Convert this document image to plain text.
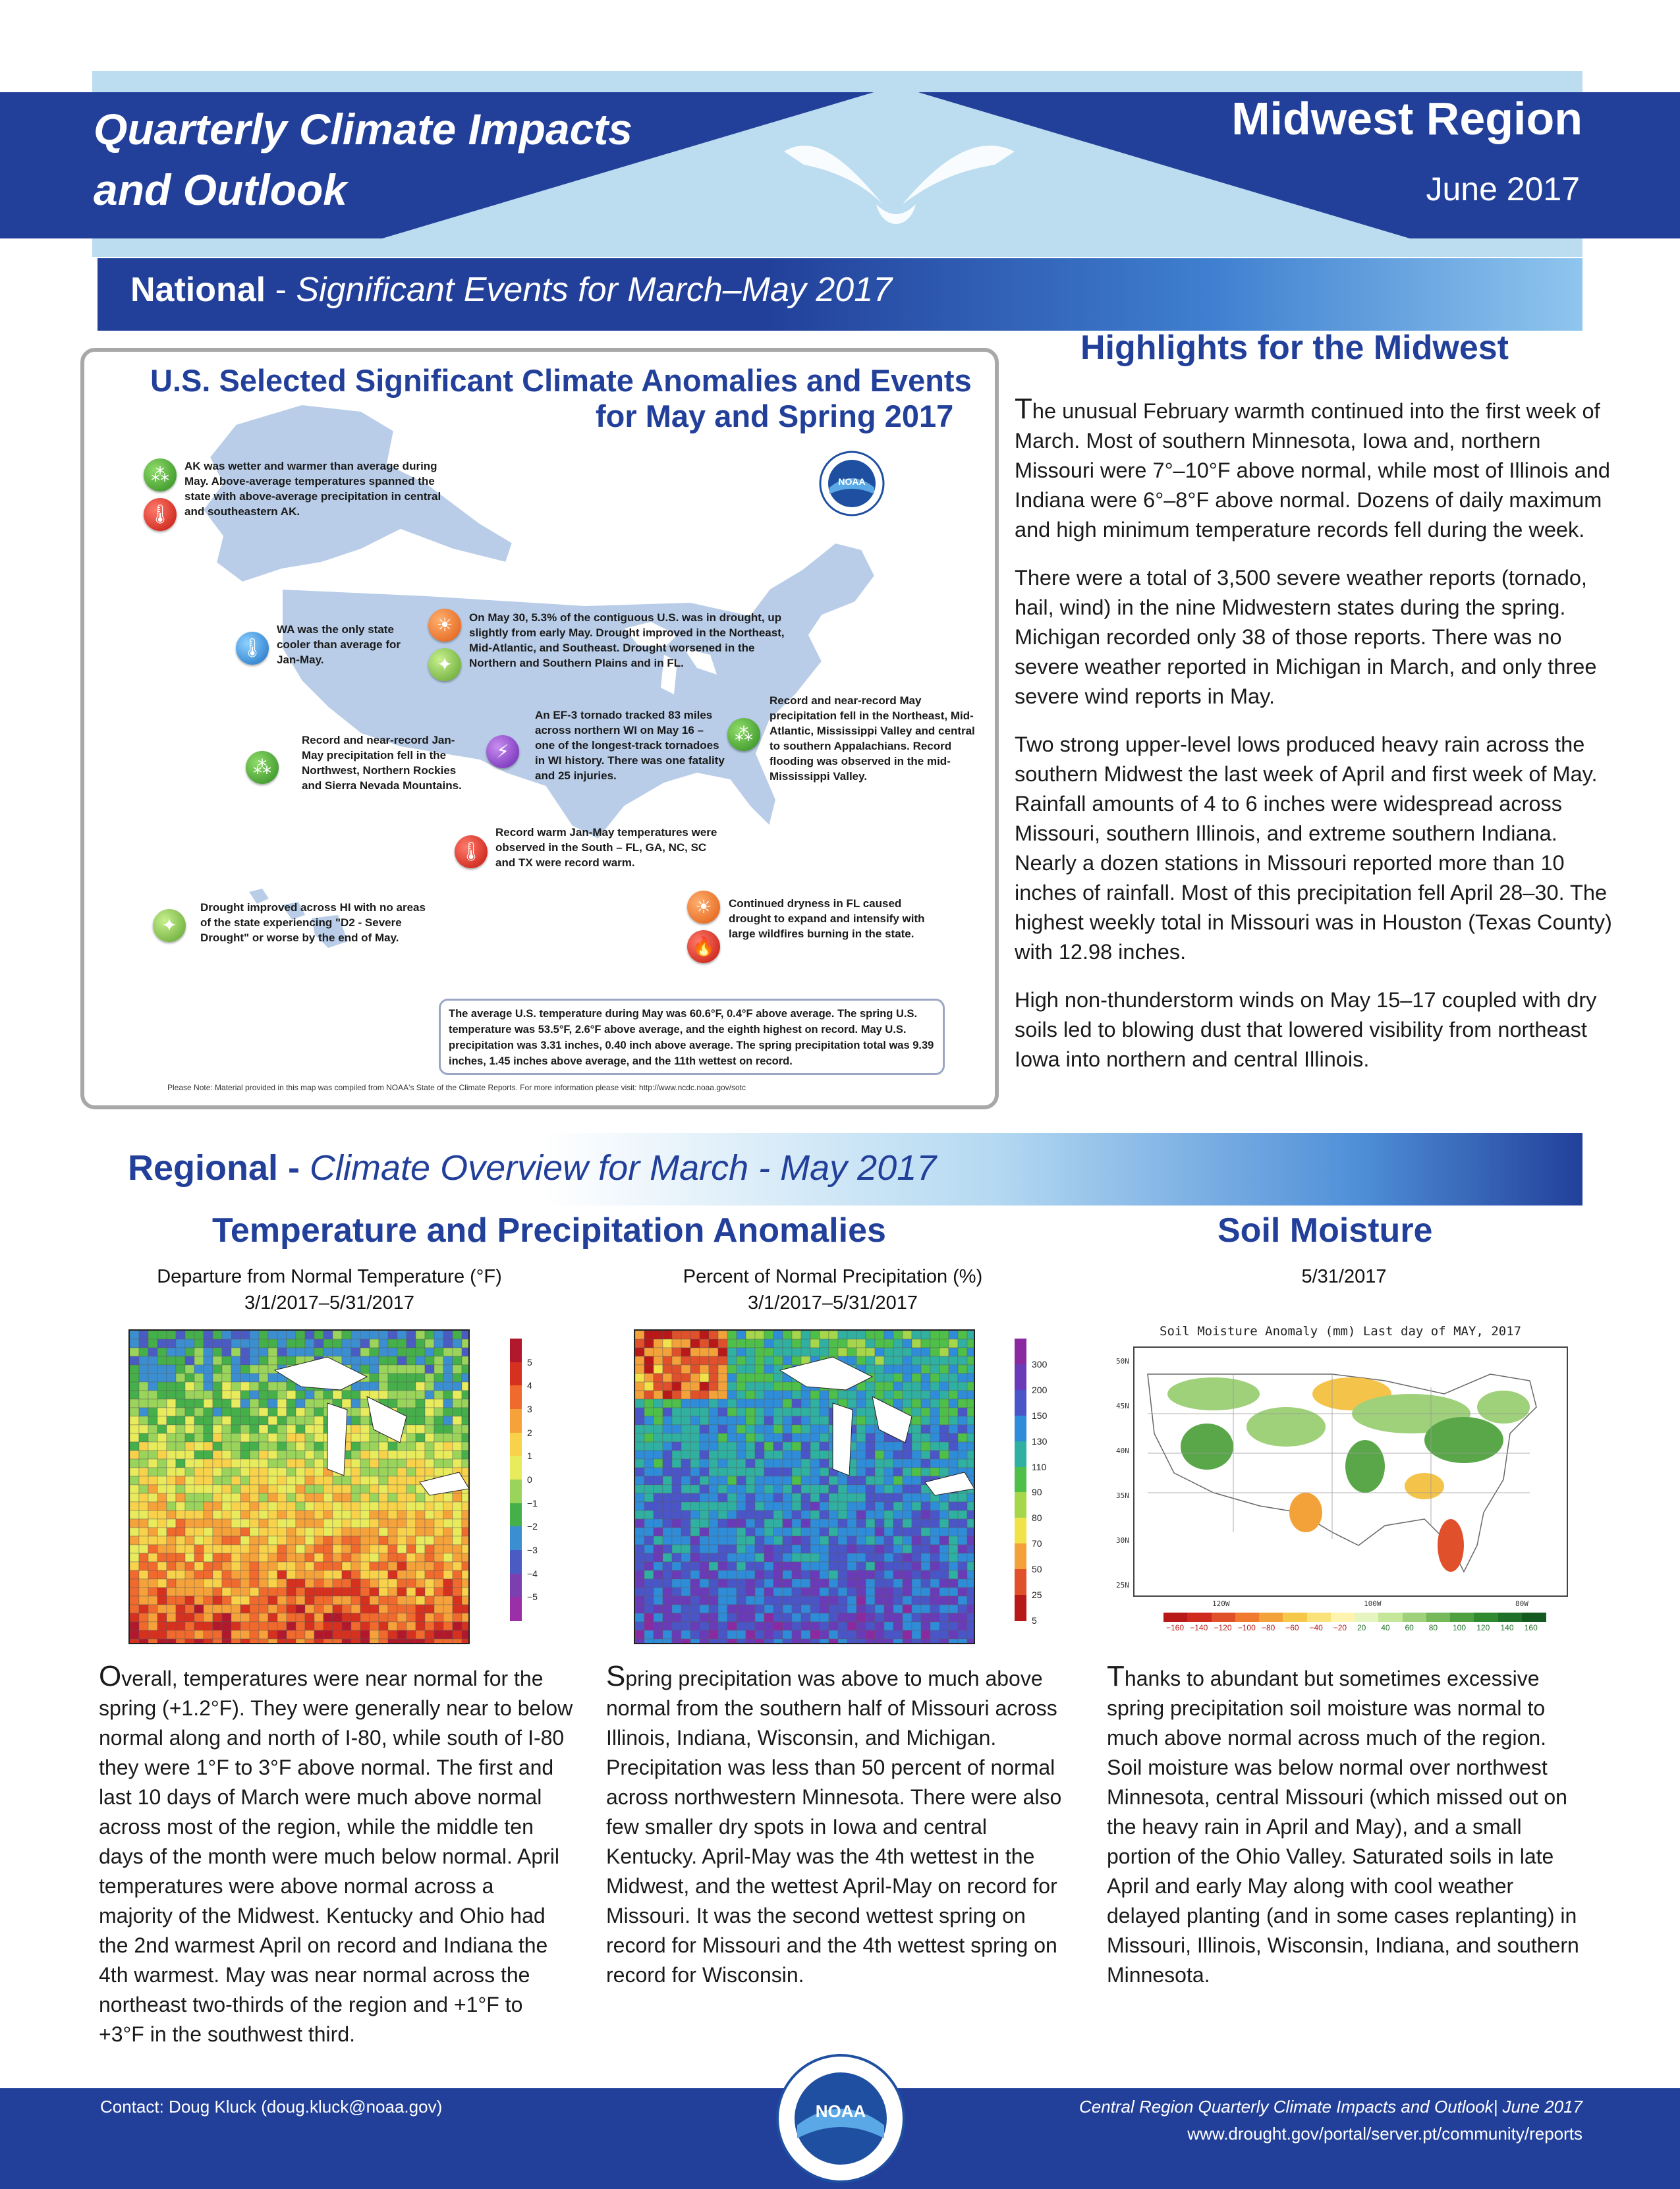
Quarterly Climate Impacts
and Outlook
Midwest Region
June 2017
National - Significant Events for March–May 2017
U.S. Selected Significant Climate Anomalies and Events
for May and Spring 2017
NOAA
⁂
🌡
AK was wetter and warmer than average during May. Above-average temperatures spanned the state with above-average precipitation in central and southeastern AK.
🌡
WA was the only state cooler than average for Jan-May.
☀
✦
On May 30, 5.3% of the contiguous U.S. was in drought, up slightly from early May. Drought improved in the Northeast, Mid-Atlantic, and Southeast. Drought worsened in the Northern and Southern Plains and in FL.
⁂
Record and near-record Jan-May precipitation fell in the Northwest, Northern Rockies and Sierra Nevada Mountains.
⚡
An EF-3 tornado tracked 83 miles across northern WI on May 16 – one of the longest-track tornadoes in WI history. There was one fatality and 25 injuries.
⁂
Record and near-record May precipitation fell in the Northeast, Mid-Atlantic, Mississippi Valley and central to southern Appalachians. Record flooding was observed in the mid-Mississippi Valley.
🌡
Record warm Jan-May temperatures were observed in the South – FL, GA, NC, SC and TX were record warm.
✦
Drought improved across HI with no areas of the state experiencing "D2 - Severe Drought" or worse by the end of May.
☀
🔥
Continued dryness in FL caused drought to expand and intensify with large wildfires burning in the state.
The average U.S. temperature during May was 60.6°F, 0.4°F above average. The spring U.S. temperature was 53.5°F, 2.6°F above average, and the eighth highest on record. May U.S. precipitation was 3.31 inches, 0.40 inch above average. The spring precipitation total was 9.39 inches, 1.45 inches above average, and the 11th wettest on record.
Please Note: Material provided in this map was compiled from NOAA's State of the Climate Reports. For more information please visit: http://www.ncdc.noaa.gov/sotc
Highlights for the Midwest

The unusual February warmth continued into the first week of March. Most of southern Minnesota, Iowa and, northern Missouri were 7°–10°F above normal, while most of Illinois and Indiana were 6°–8°F above normal. Dozens of daily maximum and high minimum temperature records fell during the week.

There were a total of 3,500 severe weather reports (tornado, hail, wind) in the nine Midwestern states during the spring. Michigan recorded only 38 of those reports. There was no severe weather reported in Michigan in March, and only three severe wind reports in May.

Two strong upper-level lows produced heavy rain across the southern Midwest the last week of April and first week of May. Rainfall amounts of 4 to 6 inches were widespread across Missouri, southern Illinois, and extreme southern Indiana. Nearly a dozen stations in Missouri reported more than 10 inches of rainfall. Most of this precipitation fell April 28–30. The highest weekly total in Missouri was in Houston (Texas County) with 12.98 inches.

High non-thunderstorm winds on May 15–17 coupled with dry soils led to blowing dust that lowered visibility from northeast Iowa into northern and central Illinois.

Regional - Climate Overview for March - May 2017
Temperature and Precipitation Anomalies	Soil Moisture
Departure from Normal Temperature (°F)
3/1/2017–5/31/2017
Percent of Normal Precipitation (%)
3/1/2017–5/31/2017
5/31/2017
5
4
3
2
1
0
−1
−2
−3
−4
−5
300
200
150
130
110
90
80
70
50
25
5
Soil Moisture Anomaly (mm) Last day of MAY, 2017
50N
45N
40N
35N
30N
25N
120W	100W	80W
−160 −140 −120 −100 −80 −60 −40 −20 20 40 60 80 100 120 140 160
Overall, temperatures were near normal for the spring (+1.2°F). They were generally near to below normal along and north of I-80, while south of I-80 they were 1°F to 3°F above normal. The first and last 10 days of March were much above normal across most of the region, while the middle ten days of the month were much below normal. April temperatures were above normal across a majority of the Midwest. Kentucky and Ohio had the 2nd warmest April on record and Indiana the 4th warmest. May was near normal across the northeast two-thirds of the region and +1°F to +3°F in the southwest third.
Spring precipitation was above to much above normal from the southern half of Missouri across Illinois, Indiana, Wisconsin, and Michigan. Precipitation was less than 50 percent of normal across northwestern Minnesota. There were also few smaller dry spots in Iowa and central Kentucky. April-May was the 4th wettest in the Midwest, and the wettest April-May on record for Missouri. It was the second wettest spring on record for Missouri and the 4th wettest spring on record for Wisconsin.
Thanks to abundant but sometimes excessive spring precipitation soil moisture was normal to much above normal across much of the region. Soil moisture was below normal over northwest Minnesota, central Missouri (which missed out on the heavy rain in April and May), and a small portion of the Ohio Valley. Saturated soils in late April and early May along with cool weather delayed planting (and in some cases replanting) in Missouri, Illinois, Wisconsin, Indiana, and southern Minnesota.
NOAA
Contact: Doug Kluck (doug.kluck@noaa.gov)	Central Region Quarterly Climate Impacts and Outlook| June 2017
www.drought.gov/portal/server.pt/community/reports
